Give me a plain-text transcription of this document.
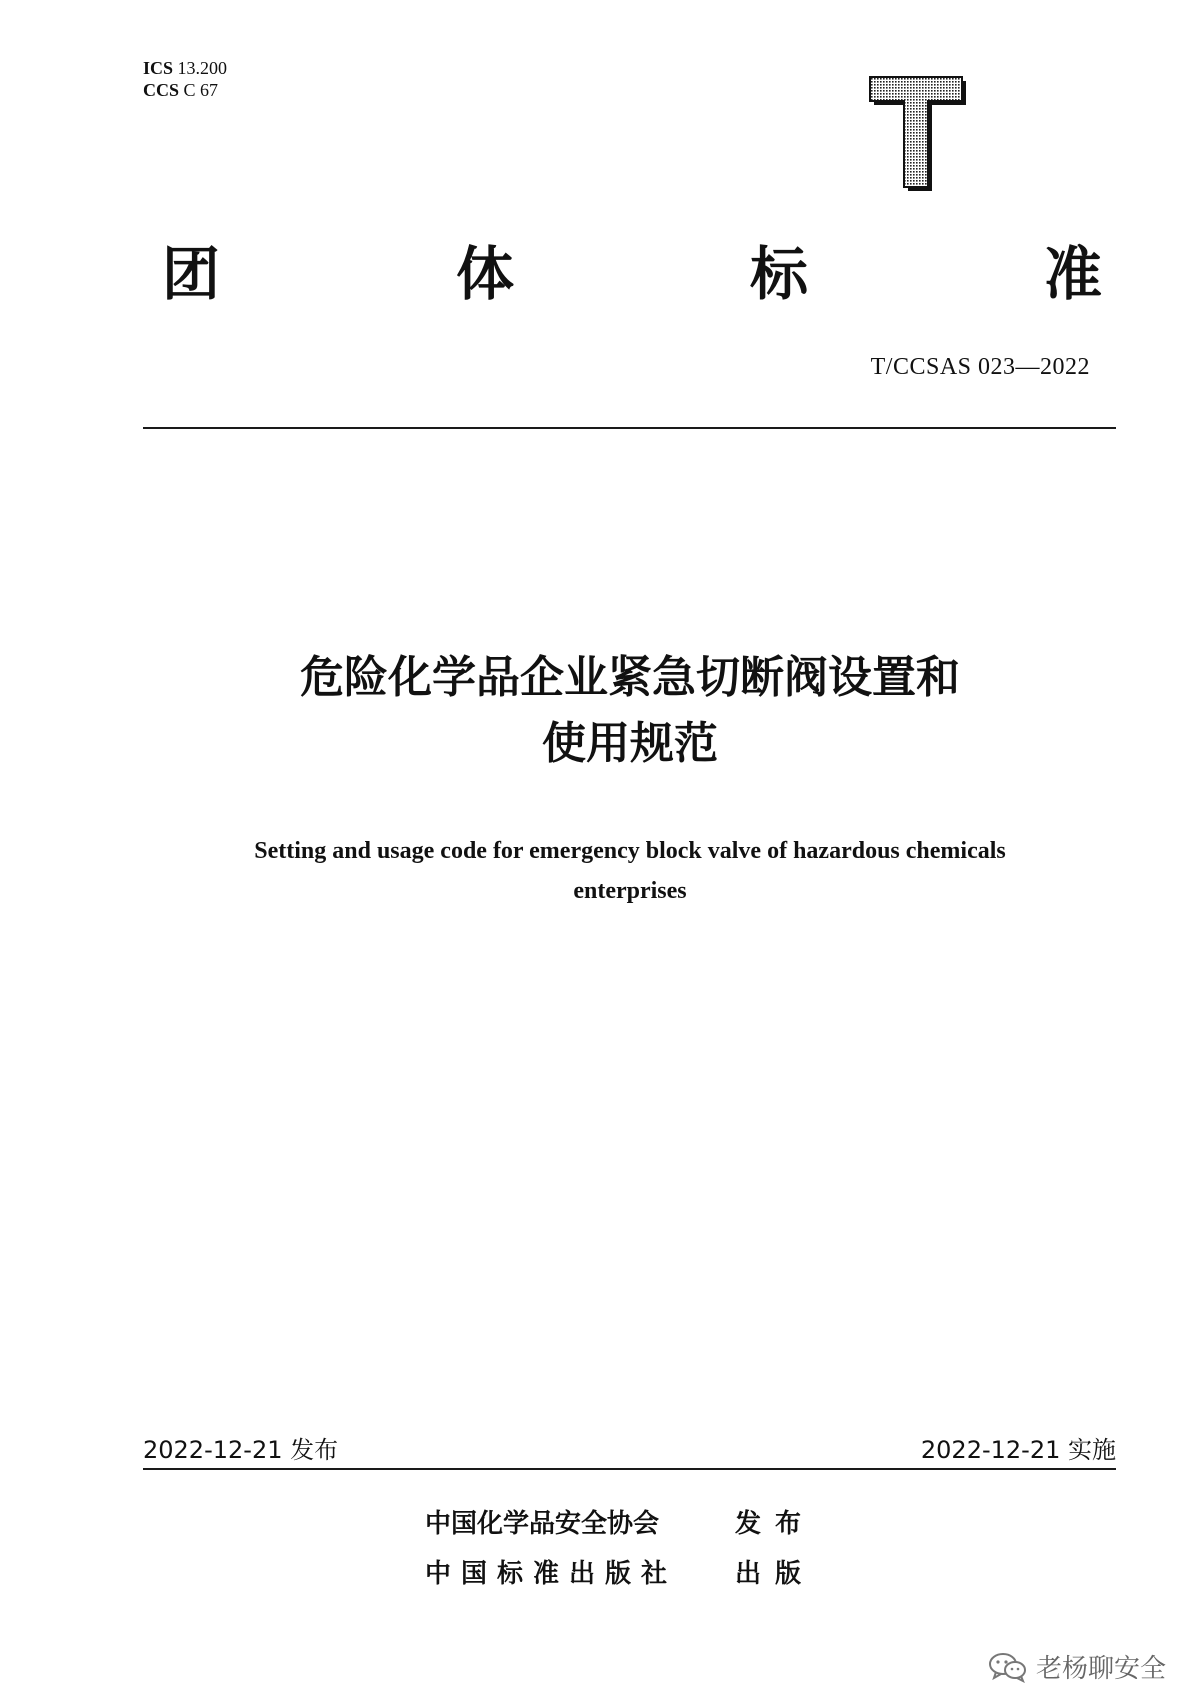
ICS 13.200
CCS C 67
团	体	标	准
T/CCSAS 023—2022
危险化学品企业紧急切断阀设置和
使用规范
Setting and usage code for emergency block valve of hazardous chemicals
enterprises
2022-12-21 发布	2022-12-21 实施
中国化学品安全协会	发布
中国标准出版社 出版
老杨聊安全
